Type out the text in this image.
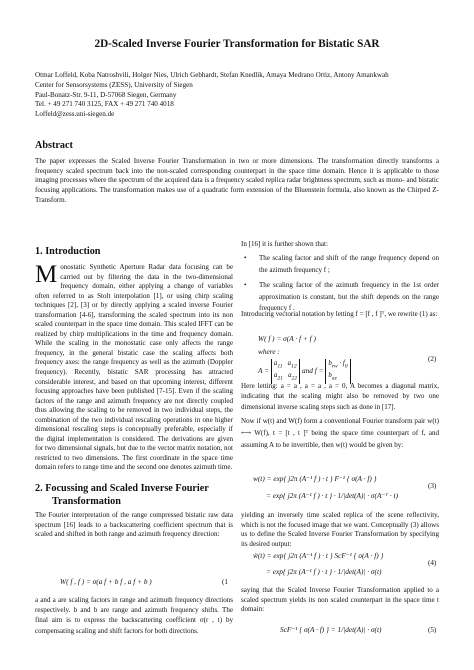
2D-Scaled Inverse Fourier Transformation for Bistatic SAR
Otmar Loffeld, Koba Natroshvili, Holger Nies, Ulrich Gebhardt, Stefan Knedlik, Amaya Medrano Ortiz, Antony Amankwah
Center for Sensorsystems (ZESS), University of Siegen
Paul-Bonatz-Str. 9-11, D-57068 Siegen, Germany
Tel. + 49 271 740 3125, FAX + 49 271 740 4018
Loffeld@zess.uni-siegen.de
Abstract
The paper expresses the Scaled Inverse Fourier Transformation in two or more dimensions. The transformation directly transforms a frequency scaled spectrum back into the non-scaled corresponding counterpart in the space time domain. Hence it is applicable to those imaging processes where the spectrum of the acquired data is a frequency scaled replica radar brightness spectrum, such as mono- and bistatic focusing applications. The transformation makes use of a quadratic form extension of the Bluenstein formula, also known as the Chirped Z-Transform.
1. Introduction
Monostatic Synthetic Aperture Radar data focusing can be carried out by filtering the data in the two-dimensional frequency domain, either applying a change of variables often referred to as Stolt interpolation [1], or using chirp scaling techniques [2], [3] or by directly applying a scaled inverse Fourier transformation [4-6], transforming the scaled spectrum into its non scaled counterpart in the space time domain. This scaled IFFT can be realized by chirp multiplications in the time and frequency domain. While the scaling in the monostatic case only affects the range frequency, in the general bistatic case the scaling affects both frequency axes: the range frequency as well as the azimuth (Doppler frequency). Recently, bistatic SAR processing has attracted considerable interest, and based on that upcoming interest, different focusing approaches have been published [7-15]. Even if the scaling factors of the range and azimuth frequency are not directly coupled thus allowing the scaling to be removed in two individual steps, the combination of the two individual rescaling operations in one higher dimensional rescaling steps is conceptually preferable, especially if the digital implementation is considered. The derivations are given for two dimensional signals, but due to the vector matrix notation, not restricted to two dimensions. The first coordinate in the space time domain refers to range time and the second one denotes azimuth time.
2. Focussing and Scaled Inverse Fourier
Transformation
The Fourier interpretation of the range compressed bistatic raw data spectrum [16] leads to a backscattering coefficient spectrum that is scaled and shifted in both range and azimuth frequency direction:
W( f , f ) = σ(a f + b f , a f + b )	(1
a and a are scaling factors in range and azimuth frequency directions respectively. b and b are range and azimuth frequency shifts. The final aim is to express the backscattering coefficient σ(r , t) by compensating scaling and shift factors for both directions.
In [16] it is further shown that:
• The scaling factor and shift of the range frequency depend on the azimuth frequency f ;
• The scaling factor of the azimuth frequency in the 1st order approximation is constant, but the shift depends on the range frequency f .
Introducing vectorial notation by letting f = [f , f ]ᵀ, we rewrite (1) as:
W( f ) = σ(A · f + f )
where :
$A = a_{11}$   $a_{12}$
$a_{21}$   $a_{22}$ and $f = b_{rw} \cdot f_0$
$b_{az}$
(2)
Here letting: a = a , a = a , a = 0, A becomes a diagonal matrix, indicating that the scaling might also be removed by two one dimensional inverse scaling steps such as done in [17].
Now if w(t) and W(f) form a conventional Fourier transform pair w(t) ⟷ W(f), t = [t , t ]ᵀ being the space time counterpart of f, and assuming A to be invertible, then w(t) would be given by:
w(t) = exp{ j2π (A⁻¹ f ) · t } F⁻¹ { σ(A · f) }
= exp{ j2π (A⁻¹ f ) · t } · 1/|det(A)| · σ(A⁻ᵀ · t)
(3)
yielding an inversely time scaled replica of the scene reflectivity, which is not the focused image that we want. Conceptually (3) allows us to define the Scaled Inverse Fourier Transformation by specifying its desired output:
w̃(t) = exp{ j2π (A⁻¹ f ) · t } ScF⁻¹ { σ(A · f) }
= exp{ j2π (A⁻¹ f ) · t } · 1/|det(A)| · σ(t)
(4)
saying that the Scaled Inverse Fourier Transformation applied to a scaled spectrum yields its non scaled counterpart in the space time t domain:
ScF⁻¹ { σ(A · f) } = 1/|det(A)| · σ(t)	(5)
